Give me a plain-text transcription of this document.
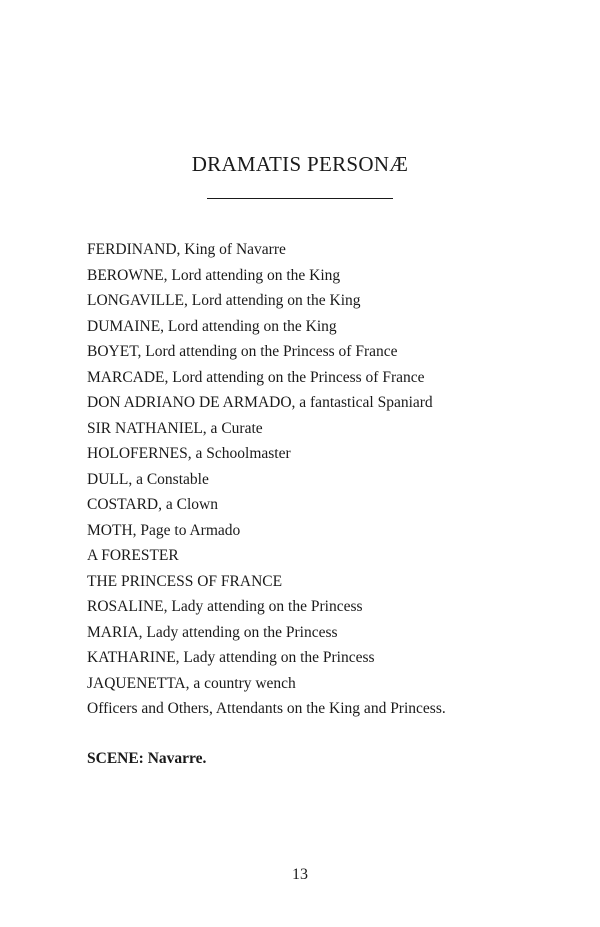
DRAMATIS PERSONÆ
FERDINAND, King of Navarre
BEROWNE, Lord attending on the King
LONGAVILLE, Lord attending on the King
DUMAINE, Lord attending on the King
BOYET, Lord attending on the Princess of France
MARCADE, Lord attending on the Princess of France
DON ADRIANO DE ARMADO, a fantastical Spaniard
SIR NATHANIEL, a Curate
HOLOFERNES, a Schoolmaster
DULL, a Constable
COSTARD, a Clown
MOTH, Page to Armado
A FORESTER
THE PRINCESS OF FRANCE
ROSALINE, Lady attending on the Princess
MARIA, Lady attending on the Princess
KATHARINE, Lady attending on the Princess
JAQUENETTA, a country wench
Officers and Others, Attendants on the King and Princess.
SCENE: Navarre.
13
